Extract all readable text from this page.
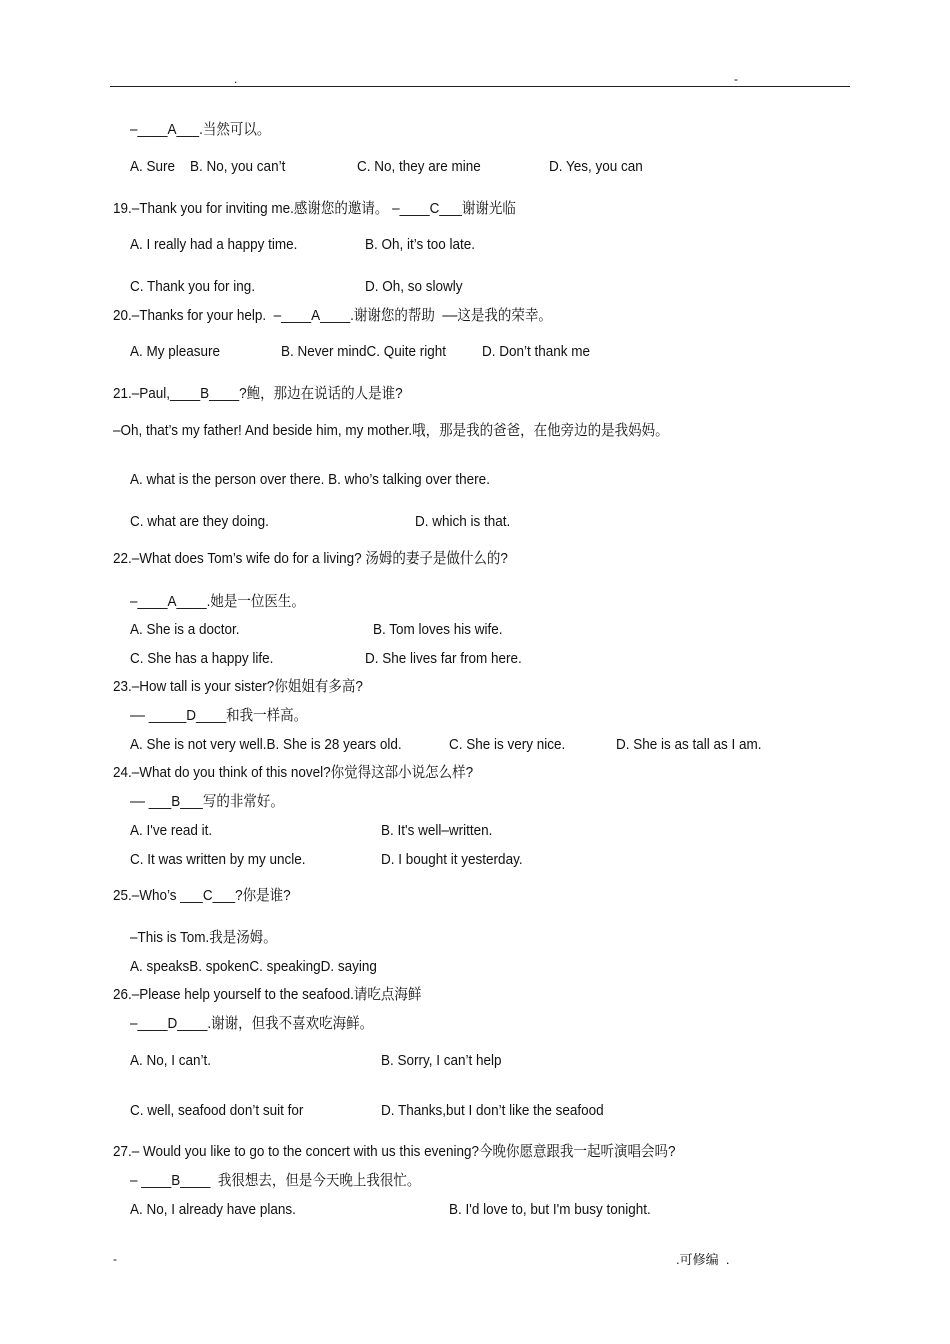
.	-
–____A___.当然可以。
A. Sure    B. No, you can’t	C. No, they are mine	D. Yes, you can
19.–Thank you for inviting me.感谢您的邀请。 –____C___谢谢光临
A. I really had a happy time.	B. Oh, it’s too late.
C. Thank you for ing.	D. Oh, so slowly
20.–Thanks for your help.  –____A____.谢谢您的帮助  ––这是我的荣幸。
A. My pleasure	B. Never mindC. Quite right D. Don’t thank me
21.–Paul,____B____?鲍，那边在说话的人是谁?
–Oh, that’s my father! And beside him, my mother.哦，那是我的爸爸，在他旁边的是我妈妈。
A. what is the person over there. B. who’s talking over there.
C. what are they doing.	D. which is that.
22.–What does Tom’s wife do for a living? 汤姆的妻子是做什么的?
–____A____.她是一位医生。
A. She is a doctor.	B. Tom loves his wife.
C. She has a happy life.	D. She lives far from here.
23.–How tall is your sister?你姐姐有多高?
–– _____D____和我一样高。
A. She is not very well.B. She is 28 years old.	C. She is very nice.	D. She is as tall as I am.
24.–What do you think of this novel?你觉得这部小说怎么样?
–– ___B___写的非常好。
A. I've read it.	B. It's well–written.
C. It was written by my uncle.	D. I bought it yesterday.
25.–Who’s ___C___?你是谁?
–This is Tom.我是汤姆。
A. speaksB. spokenC. speakingD. saying
26.–Please help yourself to the seafood.请吃点海鲜
–____D____.谢谢，但我不喜欢吃海鲜。
A. No, I can’t.	B. Sorry, I can’t help
C. well, seafood don’t suit for	D. Thanks,but I don’t like the seafood
27.– Would you like to go to the concert with us this evening?今晚你愿意跟我一起听演唱会吗?
– ____B____  我很想去，但是今天晚上我很忙。
A. No, I already have plans.	B. I'd love to, but I'm busy tonight.
-	.可修编  .
